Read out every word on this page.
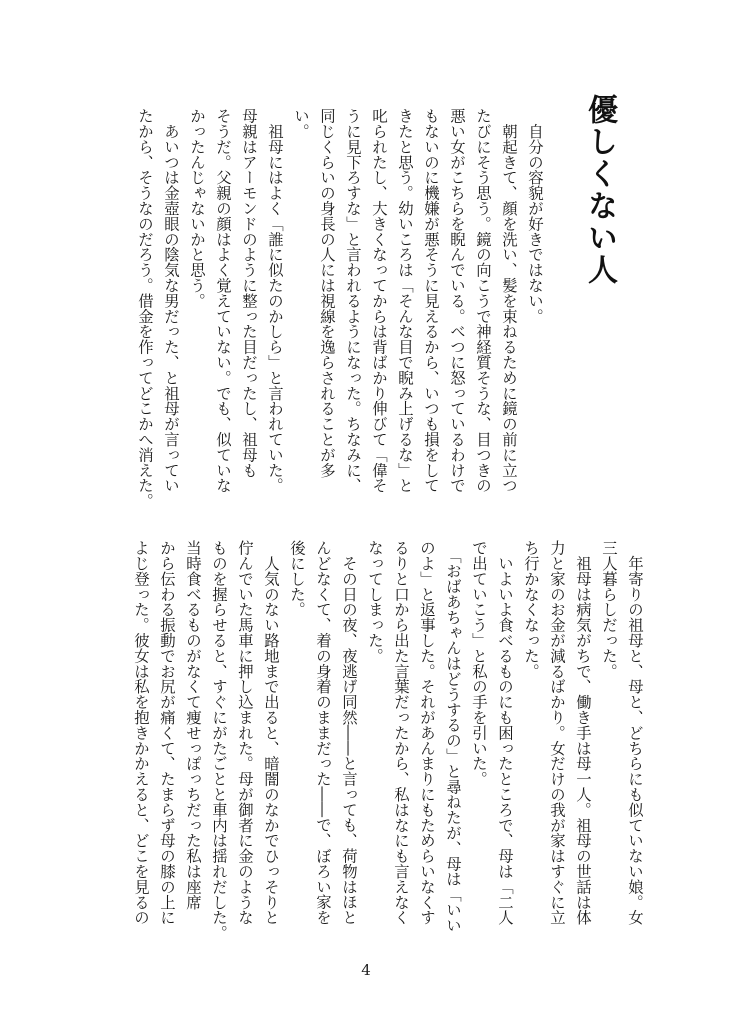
優しくない人

　自分の容貌が好きではない。

　朝起きて、顔を洗い、髪を束ねるために鏡の前に立つ

たびにそう思う。鏡の向こうで神経質そうな、目つきの

悪い女がこちらを睨んでいる。べつに怒っているわけで

もないのに機嫌が悪そうに見えるから、いつも損をして

きたと思う。幼いころは「そんな目で睨み上げるな」と

叱られたし、大きくなってからは背ばかり伸びて「偉そ

うに見下ろすな」と言われるようになった。ちなみに、

同じくらいの身長の人には視線を逸らされることが多

い。

　祖母にはよく「誰に似たのかしら」と言われていた。

母親はアーモンドのように整った目だったし、祖母も

そうだ。父親の顔はよく覚えていない。でも、似ていな

かったんじゃないかと思う。

　あいつは金壺眼の陰気な男だった、と祖母が言ってい

たから、そうなのだろう。借金を作ってどこかへ消えた。

　年寄りの祖母と、母と、どちらにも似ていない娘。女

三人暮らしだった。

　祖母は病気がちで、働き手は母一人。祖母の世話は体

力と家のお金が減るばかり。女だけの我が家はすぐに立

ち行かなくなった。

　いよいよ食べるものにも困ったところで、母は「二人

で出ていこう」と私の手を引いた。

　「おばあちゃんはどうするの」と尋ねたが、母は「いい

のよ」と返事した。それがあんまりにもためらいなくす

るりと口から出た言葉だったから、私はなにも言えなく

なってしまった。

　その日の夜、夜逃げ同然――と言っても、荷物はほと

んどなくて、着の身着のままだった――で、ぼろい家を

後にした。

　人気のない路地まで出ると、暗闇のなかでひっそりと

佇んでいた馬車に押し込まれた。母が御者に金のような

ものを握らせると、すぐにがたごとと車内は揺れだした。

当時食べるものがなくて痩せっぽっちだった私は座席

から伝わる振動でお尻が痛くて、たまらず母の膝の上に

よじ登った。彼女は私を抱きかかえると、どこを見るの

4
